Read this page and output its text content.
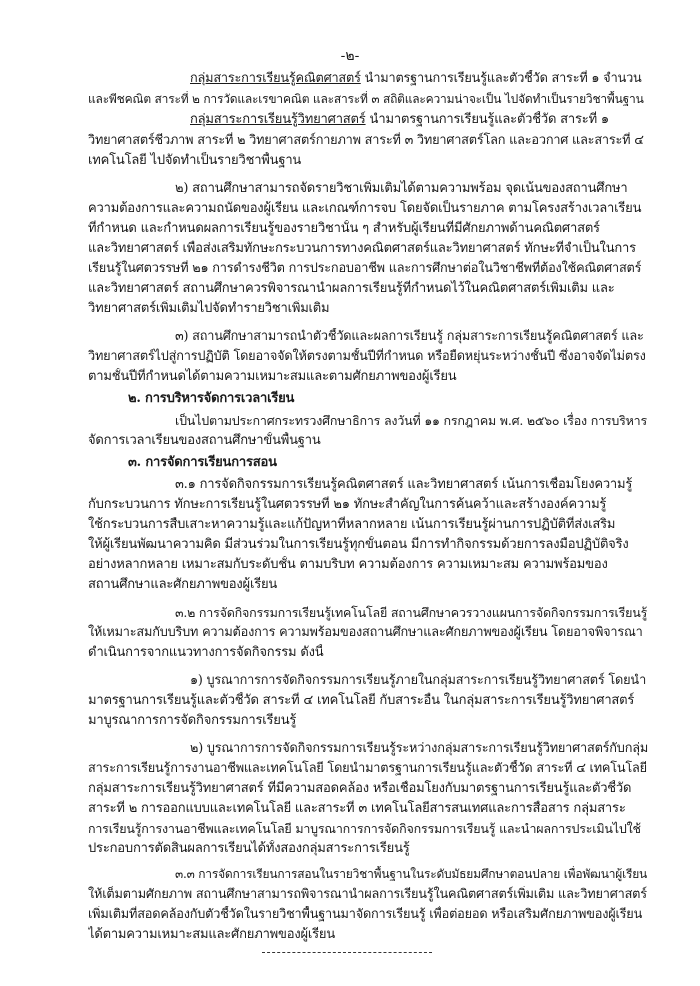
-๒-
กลุ่มสาระการเรียนรู้คณิตศาสตร์ นำมาตรฐานการเรียนรู้และตัวชี้วัด สาระที่ ๑ จำนวน
และพีชคณิต สาระที่ ๒ การวัดและเรขาคณิต และสาระที่ ๓ สถิติและความน่าจะเป็น ไปจัดทำเป็นรายวิชาพื้นฐาน
กลุ่มสาระการเรียนรู้วิทยาศาสตร์ นำมาตรฐานการเรียนรู้และตัวชี้วัด สาระที่ ๑
วิทยาศาสตร์ชีวภาพ สาระที่ ๒ วิทยาศาสตร์กายภาพ สาระที่ ๓ วิทยาศาสตร์โลก และอวกาศ และสาระที่ ๔
เทคโนโลยี ไปจัดทำเป็นรายวิชาพื้นฐาน
๒) สถานศึกษาสามารถจัดรายวิชาเพิ่มเติมได้ตามความพร้อม จุดเน้นของสถานศึกษา
ความต้องการและความถนัดของผู้เรียน และเกณฑ์การจบ โดยจัดเป็นรายภาค ตามโครงสร้างเวลาเรียน
ที่กำหนด และกำหนดผลการเรียนรู้ของรายวิชานั้น ๆ สำหรับผู้เรียนที่มีศักยภาพด้านคณิตศาสตร์
และวิทยาศาสตร์ เพื่อส่งเสริมทักษะกระบวนการทางคณิตศาสตร์และวิทยาศาสตร์ ทักษะที่จำเป็นในการ
เรียนรู้ในศตวรรษที่ ๒๑ การดำรงชีวิต การประกอบอาชีพ และการศึกษาต่อในวิชาชีพที่ต้องใช้คณิตศาสตร์
และวิทยาศาสตร์ สถานศึกษาควรพิจารณานำผลการเรียนรู้ที่กำหนดไว้ในคณิตศาสตร์เพิ่มเติม และ
วิทยาศาสตร์เพิ่มเติมไปจัดทำรายวิชาเพิ่มเติม
๓) สถานศึกษาสามารถนำตัวชี้วัดและผลการเรียนรู้ กลุ่มสาระการเรียนรู้คณิตศาสตร์ และ
วิทยาศาสตร์ไปสู่การปฏิบัติ โดยอาจจัดให้ตรงตามชั้นปีที่กำหนด หรือยืดหยุ่นระหว่างชั้นปี ซึ่งอาจจัดไม่ตรง
ตามชั้นปีที่กำหนดได้ตามความเหมาะสมและตามศักยภาพของผู้เรียน
๒. การบริหารจัดการเวลาเรียน
เป็นไปตามประกาศกระทรวงศึกษาธิการ ลงวันที่ ๑๑ กรกฎาคม พ.ศ. ๒๕๖๐ เรื่อง การบริหาร
จัดการเวลาเรียนของสถานศึกษาขั้นพื้นฐาน
๓. การจัดการเรียนการสอน
๓.๑ การจัดกิจกรรมการเรียนรู้คณิตศาสตร์ และวิทยาศาสตร์ เน้นการเชื่อมโยงความรู้
กับกระบวนการ ทักษะการเรียนรู้ในศตวรรษที่ ๒๑ ทักษะสำคัญในการค้นคว้าและสร้างองค์ความรู้
ใช้กระบวนการสืบเสาะหาความรู้และแก้ปัญหาที่หลากหลาย เน้นการเรียนรู้ผ่านการปฏิบัติที่ส่งเสริม
ให้ผู้เรียนพัฒนาความคิด มีส่วนร่วมในการเรียนรู้ทุกขั้นตอน มีการทำกิจกรรมด้วยการลงมือปฏิบัติจริง
อย่างหลากหลาย เหมาะสมกับระดับชั้น ตามบริบท ความต้องการ ความเหมาะสม ความพร้อมของ
สถานศึกษาและศักยภาพของผู้เรียน
๓.๒ การจัดกิจกรรมการเรียนรู้เทคโนโลยี สถานศึกษาควรวางแผนการจัดกิจกรรมการเรียนรู้
ให้เหมาะสมกับบริบท ความต้องการ ความพร้อมของสถานศึกษาและศักยภาพของผู้เรียน โดยอาจพิจารณา
ดำเนินการจากแนวทางการจัดกิจกรรม ดังนี้
๑) บูรณาการการจัดกิจกรรมการเรียนรู้ภายในกลุ่มสาระการเรียนรู้วิทยาศาสตร์ โดยนำ
มาตรฐานการเรียนรู้และตัวชี้วัด สาระที่ ๔ เทคโนโลยี กับสาระอื่น ในกลุ่มสาระการเรียนรู้วิทยาศาสตร์
มาบูรณาการการจัดกิจกรรมการเรียนรู้
๒) บูรณาการการจัดกิจกรรมการเรียนรู้ระหว่างกลุ่มสาระการเรียนรู้วิทยาศาสตร์กับกลุ่ม
สาระการเรียนรู้การงานอาชีพและเทคโนโลยี โดยนำมาตรฐานการเรียนรู้และตัวชี้วัด สาระที่ ๔ เทคโนโลยี
กลุ่มสาระการเรียนรู้วิทยาศาสตร์ ที่มีความสอดคล้อง หรือเชื่อมโยงกับมาตรฐานการเรียนรู้และตัวชี้วัด
สาระที่ ๒ การออกแบบและเทคโนโลยี และสาระที่ ๓ เทคโนโลยีสารสนเทศและการสื่อสาร กลุ่มสาระ
การเรียนรู้การงานอาชีพและเทคโนโลยี มาบูรณาการการจัดกิจกรรมการเรียนรู้ และนำผลการประเมินไปใช้
ประกอบการตัดสินผลการเรียนได้ทั้งสองกลุ่มสาระการเรียนรู้
๓.๓ การจัดการเรียนการสอนในรายวิชาพื้นฐานในระดับมัธยมศึกษาตอนปลาย เพื่อพัฒนาผู้เรียน
ให้เต็มตามศักยภาพ สถานศึกษาสามารถพิจารณานำผลการเรียนรู้ในคณิตศาสตร์เพิ่มเติม และวิทยาศาสตร์
เพิ่มเติมที่สอดคล้องกับตัวชี้วัดในรายวิชาพื้นฐานมาจัดการเรียนรู้ เพื่อต่อยอด หรือเสริมศักยภาพของผู้เรียน
ได้ตามความเหมาะสมและศักยภาพของผู้เรียน
